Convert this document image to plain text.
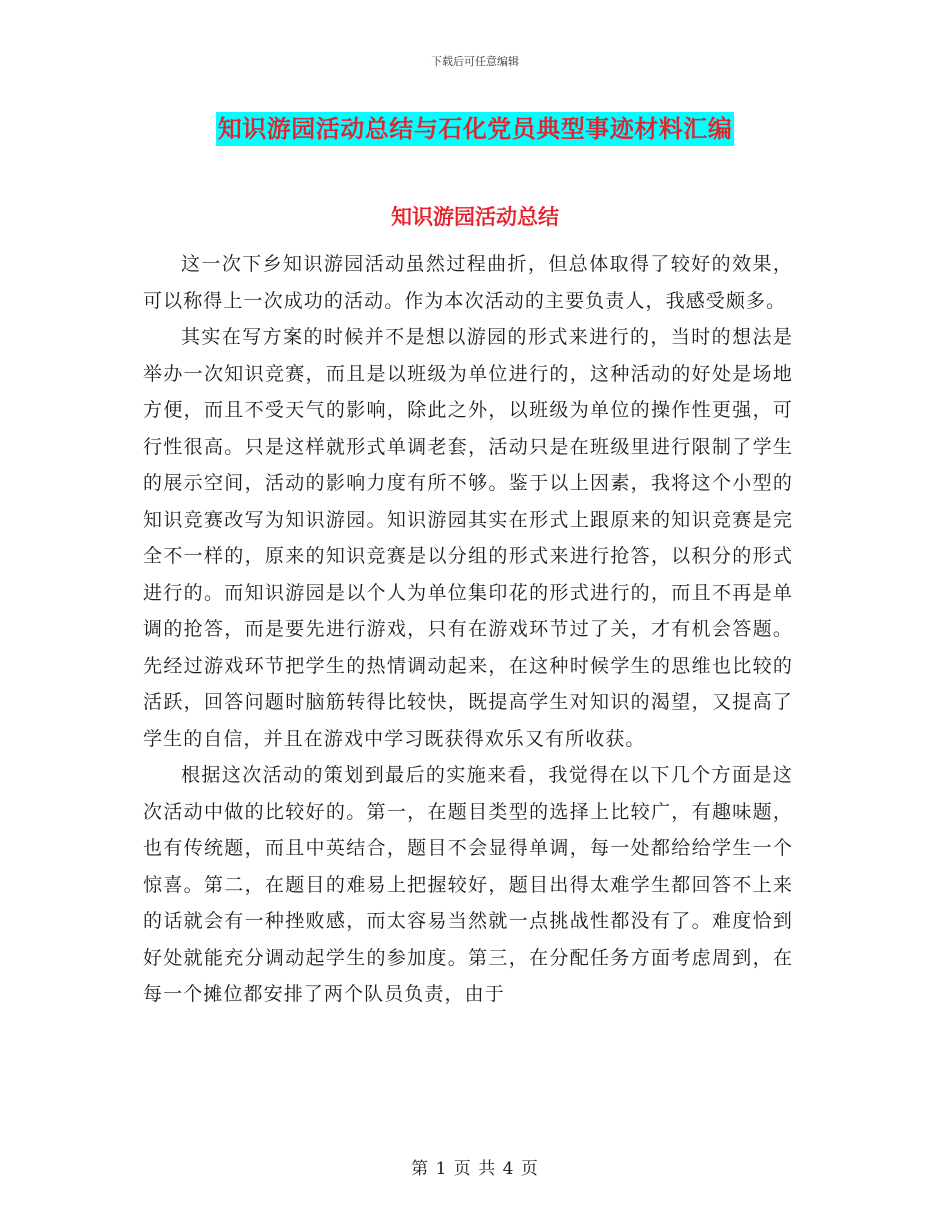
下载后可任意编辑
知识游园活动总结与石化党员典型事迹材料汇编
知识游园活动总结

这一次下乡知识游园活动虽然过程曲折，但总体取得了较好的效果，可以称得上一次成功的活动。作为本次活动的主要负责人，我感受颇多。

其实在写方案的时候并不是想以游园的形式来进行的，当时的想法是举办一次知识竞赛，而且是以班级为单位进行的，这种活动的好处是场地方便，而且不受天气的影响，除此之外，以班级为单位的操作性更强，可行性很高。只是这样就形式单调老套，活动只是在班级里进行限制了学生的展示空间，活动的影响力度有所不够。鉴于以上因素，我将这个小型的知识竞赛改写为知识游园。知识游园其实在形式上跟原来的知识竞赛是完全不一样的，原来的知识竞赛是以分组的形式来进行抢答，以积分的形式进行的。而知识游园是以个人为单位集印花的形式进行的，而且不再是单调的抢答，而是要先进行游戏，只有在游戏环节过了关，才有机会答题。先经过游戏环节把学生的热情调动起来，在这种时候学生的思维也比较的活跃，回答问题时脑筋转得比较快，既提高学生对知识的渴望，又提高了学生的自信，并且在游戏中学习既获得欢乐又有所收获。

根据这次活动的策划到最后的实施来看，我觉得在以下几个方面是这次活动中做的比较好的。第一，在题目类型的选择上比较广，有趣味题，也有传统题，而且中英结合，题目不会显得单调，每一处都给给学生一个惊喜。第二，在题目的难易上把握较好，题目出得太难学生都回答不上来的话就会有一种挫败感，而太容易当然就一点挑战性都没有了。难度恰到好处就能充分调动起学生的参加度。第三，在分配任务方面考虑周到，在每一个摊位都安排了两个队员负责，由于

第 1 页 共 4 页
